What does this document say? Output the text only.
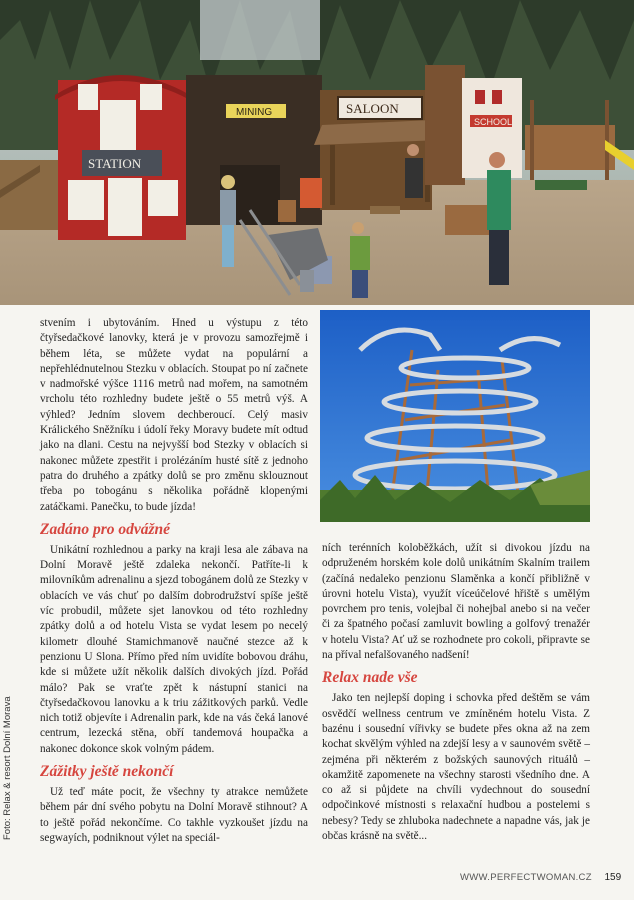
STATION
MINING	SALOON
SCHOOL

stvením i ubytováním. Hned u výstupu z této čtyřsedačkové lanovky, která je v provozu samozřejmě i během léta, se můžete vydat na populární a nepřehlédnutelnou Stezku v oblacích. Stoupat po ní začnete v nadmořské výšce 1116 metrů nad mořem, na samotném vrcholu této rozhledny budete ještě o 55 metrů výš. A výhled? Jedním slovem dechberoucí. Celý masiv Králického Sněžníku i údolí řeky Moravy budete mít odtud jako na dlani. Cestu na nejvyšší bod Stezky v oblacích si nakonec můžete zpestřit i prolézáním husté sítě z jednoho patra do druhého a zpátky dolů se pro změnu sklouznout třeba po tobogánu s několika pořádně klopenými zatáčkami. Panečku, to bude jízda!

Zadáno pro odvážné

Unikátní rozhlednou a parky na kraji lesa ale zábava na Dolní Moravě ještě zdaleka nekončí. Patříte-li k milovníkům adrenalinu a sjezd tobogánem dolů ze Stezky v oblacích ve vás chuť po dalším dobrodružství spíše ještě víc probudil, můžete sjet lanovkou od této rozhledny zpátky dolů a od hotelu Vista se vydat lesem po necelý kilometr dlouhé Stamichmanově naučné stezce až k penzionu U Slona. Přímo před ním uvidíte bobovou dráhu, kde si můžete užít několik dalších divokých jízd. Pořád málo? Pak se vraťte zpět k nástupní stanici na čtyřsedačkovou lanovku a k triu zážitkových parků. Vedle nich totiž objevíte i Adrenalin park, kde na vás čeká lanové centrum, lezecká stěna, obří tandemová houpačka a nakonec dokonce skok volným pádem.

Zážitky ještě nekončí

Už teď máte pocit, že všechny ty atrakce nemůžete během pár dní svého pobytu na Dolní Moravě stihnout? A to ještě pořád nekončíme. Co takhle vyzkoušet jízdu na segwayích, podniknout výlet na speciál-

ních terénních koloběžkách, užít si divokou jízdu na odpruženém horském kole dolů unikátním Skalním trailem (začíná nedaleko penzionu Slaměnka a končí přibližně v úrovni hotelu Vista), využít víceúčelové hřiště s umělým povrchem pro tenis, volejbal či nohejbal anebo si na večer či za špatného počasí zamluvit bowling a golfový trenažér v hotelu Vista? Ať už se rozhodnete pro cokoli, připravte se na příval nefalšovaného nadšení!

Relax nade vše

Jako ten nejlepší doping i schovka před deštěm se vám osvědčí wellness centrum ve zmíněném hotelu Vista. Z bazénu i sousední vířivky se budete přes okna až na zem kochat skvělým výhled na zdejší lesy a v saunovém světě – zejména při některém z božských saunových rituálů – okamžitě zapomenete na všechny starosti všedního dne. A co až si půjdete na chvíli vydechnout do sousední odpočinkové místnosti s relaxační hudbou a postelemi s nebesy? Tedy se zhluboka nadechnete a napadne vás, jak je občas krásně na světě...

Foto: Relax & resort Dolní Morava
WWW.PERFECTWOMAN.CZ 159
